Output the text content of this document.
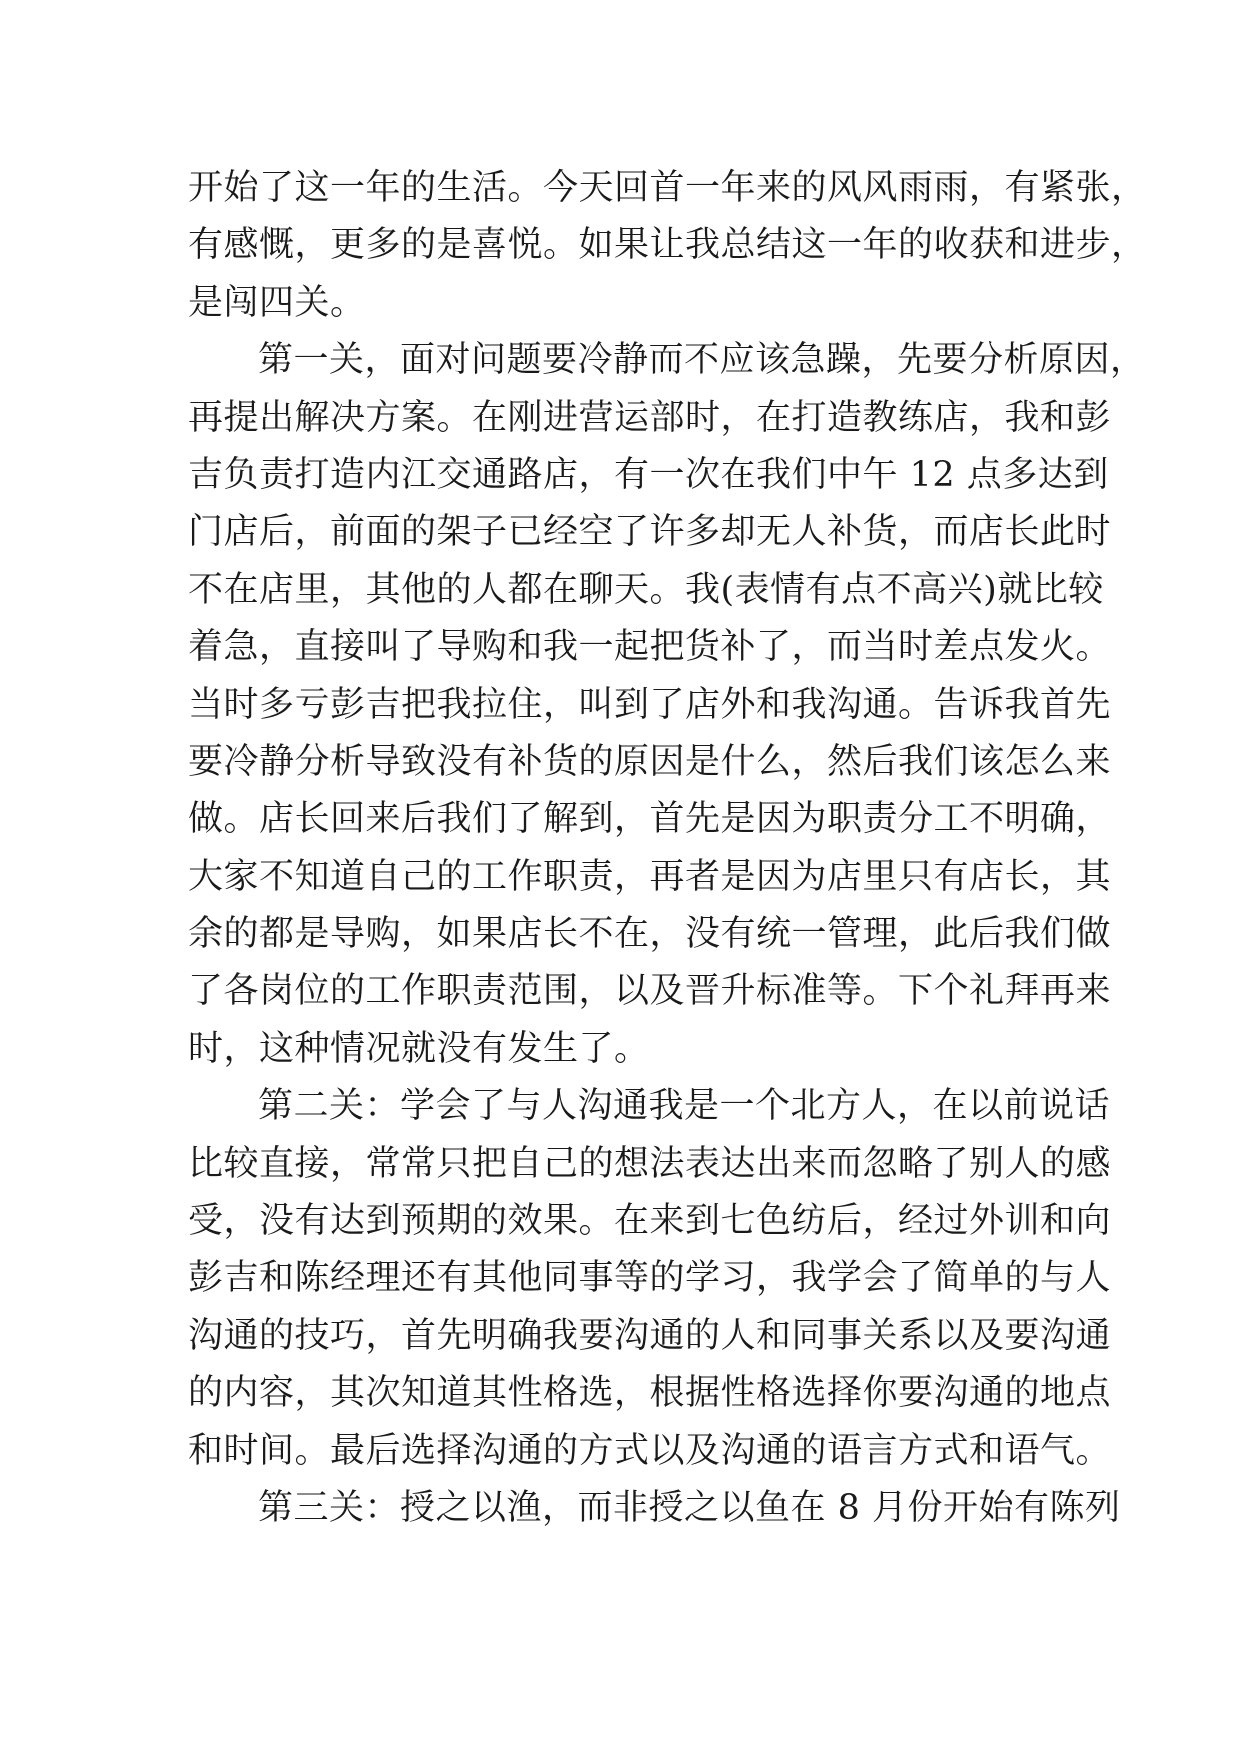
开始了这一年的生活。今天回首一年来的风风雨雨，有紧张，
有感慨，更多的是喜悦。如果让我总结这一年的收获和进步，
是闯四关。
第一关，面对问题要冷静而不应该急躁，先要分析原因，
再提出解决方案。在刚进营运部时，在打造教练店，我和彭
吉负责打造内江交通路店，有一次在我们中午 12 点多达到
门店后，前面的架子已经空了许多却无人补货，而店长此时
不在店里，其他的人都在聊天。我(表情有点不高兴)就比较
着急，直接叫了导购和我一起把货补了，而当时差点发火。
当时多亏彭吉把我拉住，叫到了店外和我沟通。告诉我首先
要冷静分析导致没有补货的原因是什么，然后我们该怎么来
做。店长回来后我们了解到，首先是因为职责分工不明确，
大家不知道自己的工作职责，再者是因为店里只有店长，其
余的都是导购，如果店长不在，没有统一管理，此后我们做
了各岗位的工作职责范围，以及晋升标准等。下个礼拜再来
时，这种情况就没有发生了。
第二关：学会了与人沟通我是一个北方人，在以前说话
比较直接，常常只把自己的想法表达出来而忽略了别人的感
受，没有达到预期的效果。在来到七色纺后，经过外训和向
彭吉和陈经理还有其他同事等的学习，我学会了简单的与人
沟通的技巧，首先明确我要沟通的人和同事关系以及要沟通
的内容，其次知道其性格选，根据性格选择你要沟通的地点
和时间。最后选择沟通的方式以及沟通的语言方式和语气。
第三关：授之以渔，而非授之以鱼在 8 月份开始有陈列
